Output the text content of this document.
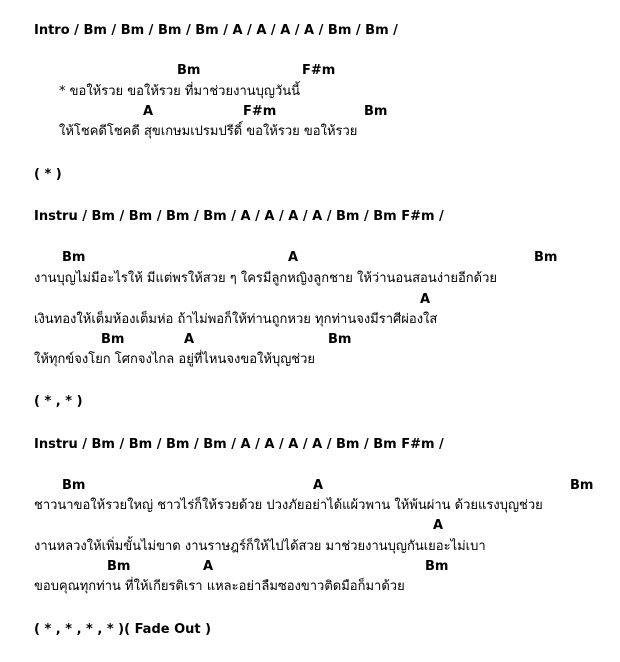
Intro / Bm / Bm / Bm / Bm / A / A / A / A / Bm / Bm /
Bm	F#m
* ขอให้รวย ขอให้รวย ที่มาช่วยงานบุญวันนี้
A	F#m	Bm
ให้โชคดีโชคดี สุขเกษมเปรมปรีดิ์ ขอให้รวย ขอให้รวย
( * )
Instru / Bm / Bm / Bm / Bm / A / A / A / A / Bm / Bm F#m /
Bm	A	Bm
งานบุญไม่มีอะไรให้ มีแต่พรให้สวย ๆ ใครมีลูกหญิงลูกชาย ให้ว่านอนสอนง่ายอีกด้วย
A
เงินทองให้เต็มห้องเต็มห่อ ถ้าไม่พอก็ให้ท่านถูกหวย ทุกท่านจงมีราศีผ่องใส
Bm	A	Bm
ให้ทุกข์จงโยก โศกจงไกล อยู่ที่ไหนจงขอให้บุญช่วย
( * , * )
Instru / Bm / Bm / Bm / Bm / A / A / A / A / Bm / Bm F#m /
Bm	A	Bm
ชาวนาขอให้รวยใหญ่ ชาวไร่ก็ให้รวยด้วย ปวงภัยอย่าได้แผ้วพาน ให้พ้นผ่าน ด้วยแรงบุญช่วย
A
งานหลวงให้เพิ่มขั้นไม่ขาด งานราษฎร์ก็ให้ไปได้สวย มาช่วยงานบุญกันเยอะไม่เบา
Bm	A	Bm
ขอบคุณทุกท่าน ที่ให้เกียรติเรา แหละอย่าลืมซองขาวติดมือก็มาด้วย
( * , * , * , * )( Fade Out )
